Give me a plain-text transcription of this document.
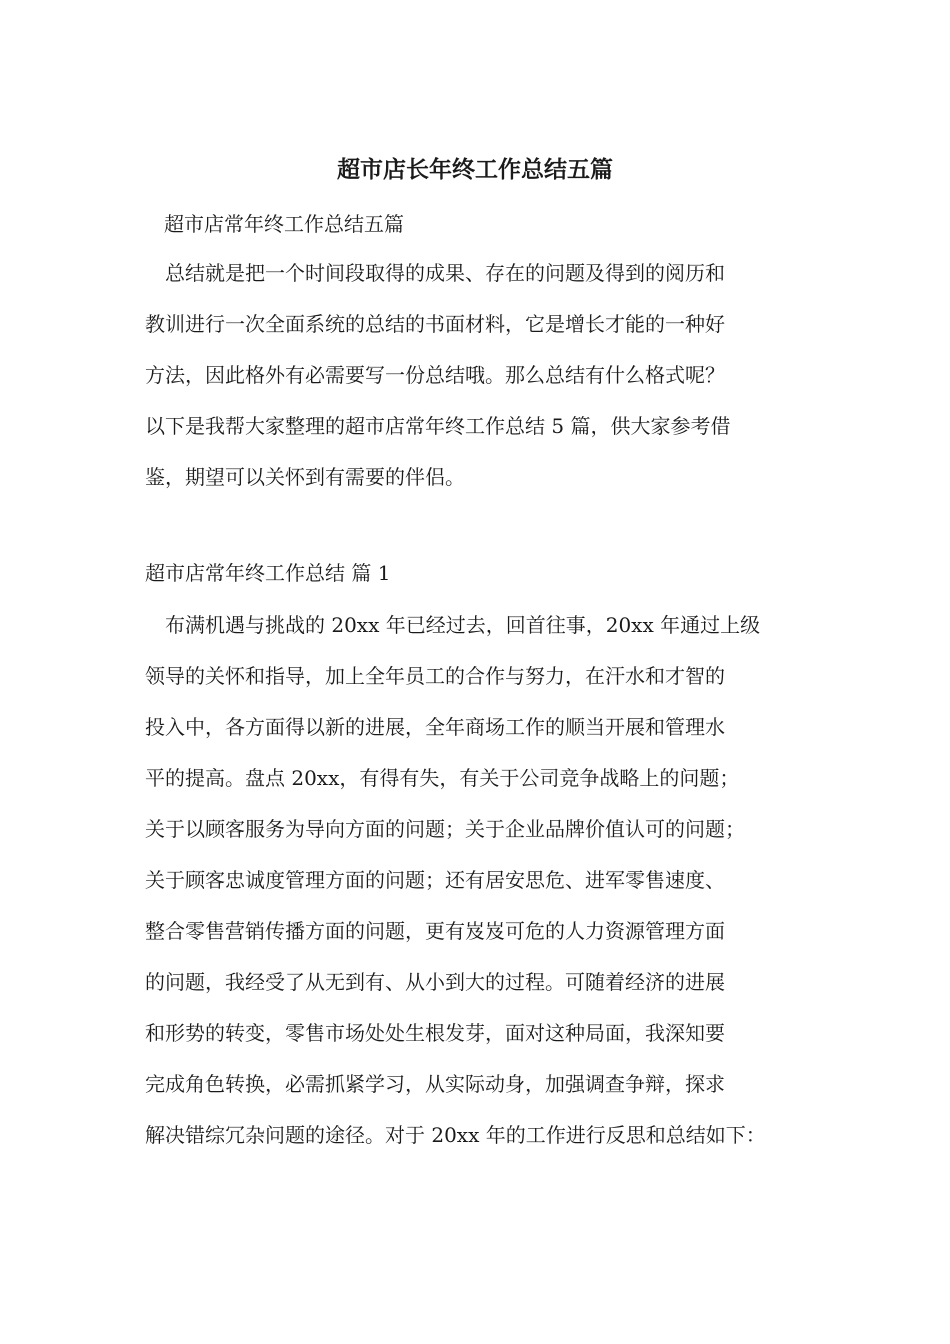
超市店长年终工作总结五篇

超市店常年终工作总结五篇

　总结就是把一个时间段取得的成果、存在的问题及得到的阅历和
教训进行一次全面系统的总结的书面材料，它是增长才能的一种好
方法，因此格外有必需要写一份总结哦。那么总结有什么格式呢？
以下是我帮大家整理的超市店常年终工作总结 5 篇，供大家参考借
鉴，期望可以关怀到有需要的伴侣。

超市店常年终工作总结 篇 1

布满机遇与挑战的 20xx 年已经过去，回首往事，20xx 年通过上级
领导的关怀和指导，加上全年员工的合作与努力，在汗水和才智的
投入中，各方面得以新的进展，全年商场工作的顺当开展和管理水
平的提高。盘点 20xx，有得有失，有关于公司竞争战略上的问题；
关于以顾客服务为导向方面的问题；关于企业品牌价值认可的问题；
关于顾客忠诚度管理方面的问题；还有居安思危、进军零售速度、
整合零售营销传播方面的问题，更有岌岌可危的人力资源管理方面
的问题，我经受了从无到有、从小到大的过程。可随着经济的进展
和形势的转变，零售市场处处生根发芽，面对这种局面，我深知要
完成角色转换，必需抓紧学习，从实际动身，加强调查争辩，探求
解决错综冗杂问题的途径。对于 20xx 年的工作进行反思和总结如下：
